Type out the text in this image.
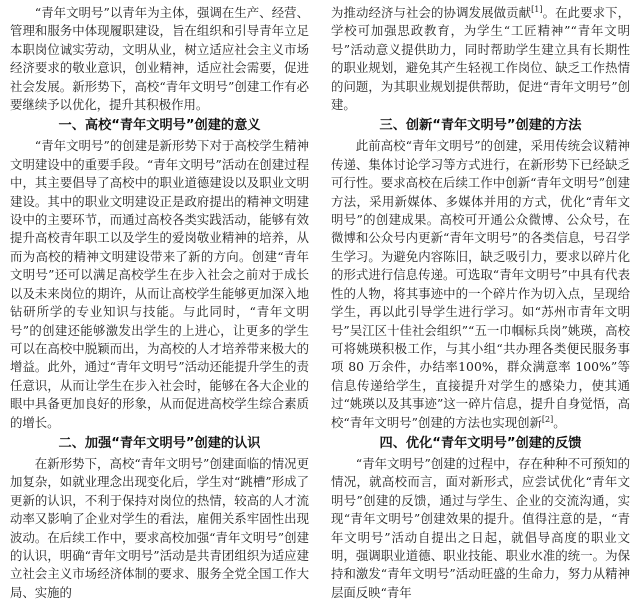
“青年文明号”以青年为主体，强调在生产、经营、管理和服务中体现履职建设，旨在组织和引导青年立足本职岗位诚实劳动，文明从业，树立适应社会主义市场经济要求的敬业意识，创业精神，适应社会需要，促进社会发展。新形势下，高校“青年文明号”创建工作有必要继续予以优化，提升其积极作用。

一、高校“青年文明号”创建的意义

“青年文明号”的创建是新形势下对于高校学生精神文明建设中的重要手段。“青年文明号”活动在创建过程中，其主要倡导了高校中的职业道德建设以及职业文明建设。其中的职业文明建设正是政府提出的精神文明建设中的主要环节，而通过高校各类实践活动，能够有效提升高校青年职工以及学生的爱岗敬业精神的培养，从而为高校的精神文明建设带来了新的方向。创建“青年文明号”还可以满足高校学生在步入社会之前对于成长以及未来岗位的期许，从而让高校学生能够更加深入地钻研所学的专业知识与技能。与此同时，“青年文明号”的创建还能够激发出学生的上进心，让更多的学生可以在高校中脱颖而出，为高校的人才培养带来极大的增益。此外，通过“青年文明号”活动还能提升学生的责任意识，从而让学生在步入社会时，能够在各大企业的眼中具备更加良好的形象，从而促进高校学生综合素质的增长。

二、加强“青年文明号”创建的认识

在新形势下，高校“青年文明号”创建面临的情况更加复杂，如就业理念出现变化后，学生对“跳槽”形成了更新的认识，不利于保持对岗位的热情，较高的人才流动率又影响了企业对学生的看法，雇佣关系牢固性出现波动。在后续工作中，要求高校加强“青年文明号”创建的认识，明确“青年文明号”活动是共青团组织为适应建立社会主义市场经济体制的要求、服务全党全国工作大局、实施的

为推动经济与社会的协调发展做贡献[1]。在此要求下，学校可加强思政教育，为学生“工匠精神”“青年文明号”活动意义提供助力，同时帮助学生建立具有长期性的职业规划，避免其产生轻视工作岗位、缺乏工作热情的问题，为其职业规划提供帮助，促进“青年文明号”创建。

三、创新“青年文明号”创建的方法

此前高校“青年文明号”的创建，采用传统会议精神传递、集体讨论学习等方式进行，在新形势下已经缺乏可行性。要求高校在后续工作中创新“青年文明号”创建方法，采用新媒体、多媒体并用的方式，优化“青年文明号”的创建成果。高校可开通公众微博、公众号，在微博和公众号内更新“青年文明号”的各类信息，号召学生学习。为避免内容陈旧，缺乏吸引力，要求以碎片化的形式进行信息传递。可选取“青年文明号”中具有代表性的人物，将其事迹中的一个碎片作为切入点，呈现给学生，再以此引导学生进行学习。如“苏州市青年文明号”吴江区十佳社会组织”“五一巾帼标兵岗”姚瑛，高校可将姚瑛积极工作，与其小组“共办理各类便民服务事项 80 万余件，办结率100%，群众满意率 100%”等信息传递给学生，直接提升对学生的感染力，使其通过“姚瑛以及其事迹”这一碎片信息，提升自身觉悟，高校“青年文明号”创建的方法也实现创新[2]。

四、优化“青年文明号”创建的反馈

“青年文明号”创建的过程中，存在种种不可预知的情况，就高校而言，面对新形式，应尝试优化“青年文明号”创建的反馈，通过与学生、企业的交流沟通，实现“青年文明号”创建效果的提升。值得注意的是，“青年文明号”活动自提出之日起，就倡导高度的职业文明，强调职业道德、职业技能、职业水准的统一。为保持和激发“青年文明号”活动旺盛的生命力，努力从精神层面反映“青年
